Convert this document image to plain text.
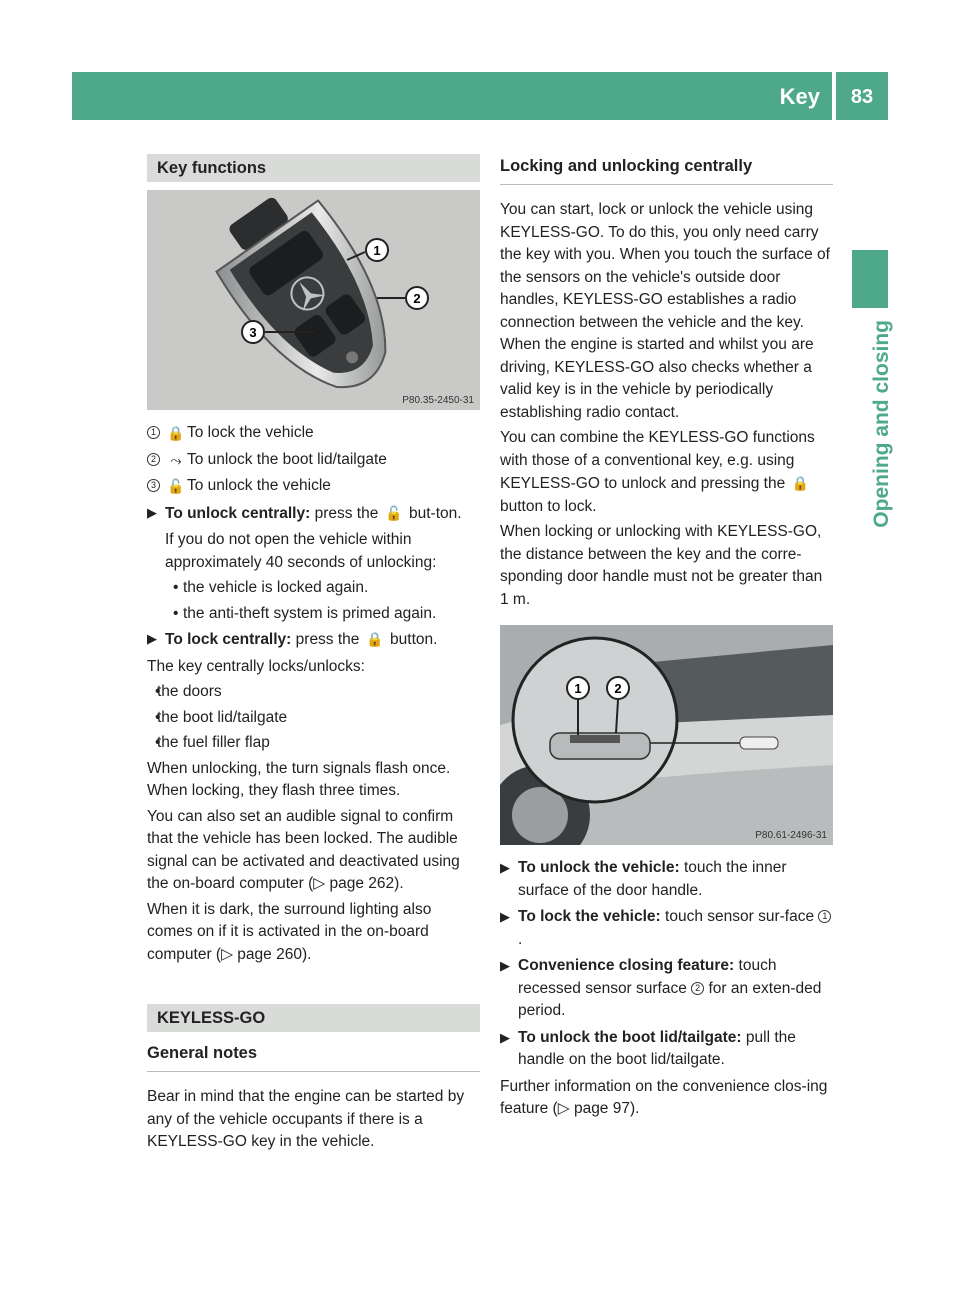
Key	83
Opening and closing
Key functions
1
2
3
P80.35-2450-31
1 🔒 To lock the vehicle
2	⤳ To unlock the boot lid/tailgate
3 🔓 To unlock the vehicle
▶ To unlock centrally: press the 🔓 but-ton.

If you do not open the vehicle within approximately 40 seconds of unlocking:

• the vehicle is locked again.
• the anti-theft system is primed again.
▶ To lock centrally: press the 🔒 button.

The key centrally locks/unlocks:

• the doors
• the boot lid/tailgate
• the fuel filler flap

When unlocking, the turn signals flash once. When locking, they flash three times.

You can also set an audible signal to confirm that the vehicle has been locked. The audible signal can be activated and deactivated using the on-board computer (▷ page 262).

When it is dark, the surround lighting also comes on if it is activated in the on-board computer (▷ page 260).

KEYLESS-GO
General notes

Bear in mind that the engine can be started by any of the vehicle occupants if there is a KEYLESS-GO key in the vehicle.

Locking and unlocking centrally

You can start, lock or unlock the vehicle using KEYLESS-GO. To do this, you only need carry the key with you. When you touch the surface of the sensors on the vehicle's outside door handles, KEYLESS-GO establishes a radio connection between the vehicle and the key. When the engine is started and whilst you are driving, KEYLESS-GO also checks whether a valid key is in the vehicle by periodically establishing radio contact.

You can combine the KEYLESS-GO functions with those of a conventional key, e.g. using KEYLESS-GO to unlock and pressing the 🔒 button to lock.

When locking or unlocking with KEYLESS-GO, the distance between the key and the corre-sponding door handle must not be greater than 1 m.

1	2
P80.61-2496-31
▶ To unlock the vehicle: touch the inner surface of the door handle.
▶ To lock the vehicle: touch sensor sur-face 1.
▶ Convenience closing feature: touch recessed sensor surface 2 for an exten-ded period.
▶ To unlock the boot lid/tailgate: pull the handle on the boot lid/tailgate.

Further information on the convenience clos-ing feature (▷ page 97).
